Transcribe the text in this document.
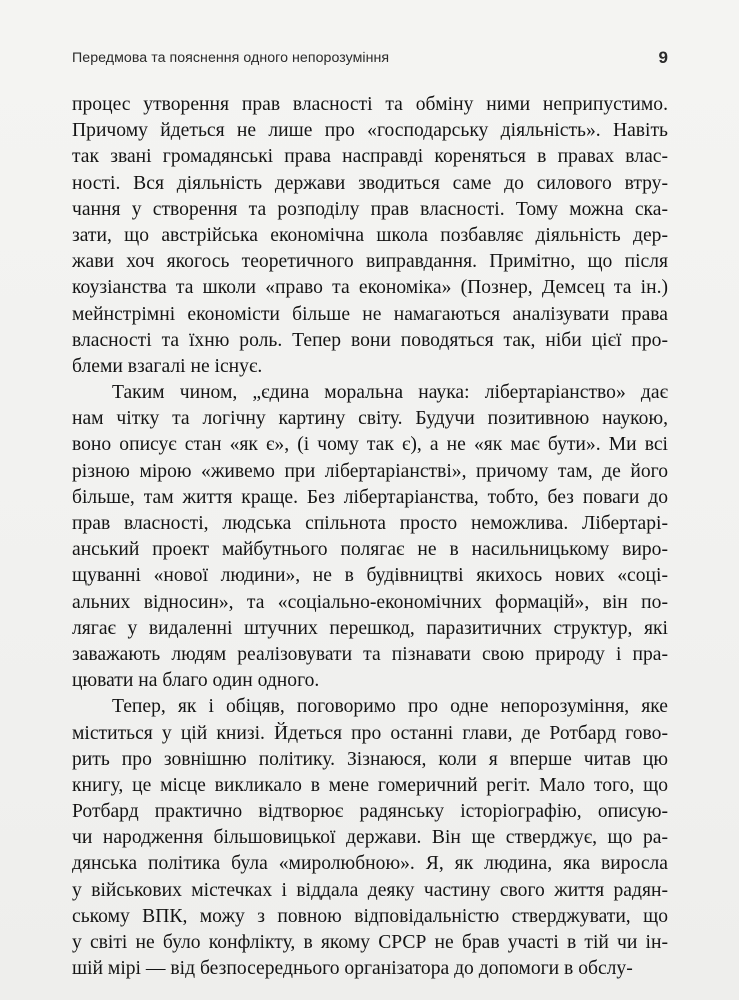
Передмова та пояснення одного непорозуміння	9
процес утворення прав власності та обміну ними неприпустимо.
Причому йдеться не лише про «господарську діяльність». Навіть
так звані громадянські права насправді коренятьcя в правах влас-
ності. Вся діяльність держави зводиться саме до силового втру-
чання у створення та розподілу прав власності. Тому можна ска-
зати, що австрійська економічна школа позбавляє діяльність дер-
жави хоч якогось теоретичного виправдання. Примітно, що після
коузіанства та школи «право та економіка» (Познер, Демсец та ін.)
мейнстрімні економісти більше не намагаються аналізувати права
власності та їхню роль. Тепер вони поводяться так, ніби цієї про-
блеми взагалі не існує.
Таким чином, „єдина моральна наука: лібертаріанство» дає
нам чітку та логічну картину світу. Будучи позитивною наукою,
воно описує стан «як є», (і чому так є), а не «як має бути». Ми всі
різною мірою «живемо при лібертаріанстві», причому там, де його
більше, там життя краще. Без лібертаріанства, тобто, без поваги до
прав власності, людська спільнота просто неможлива. Лібертарі-
анський проект майбутнього полягає не в насильницькому виро-
щуванні «нової людини», не в будівництві якихось нових «соці-
альних відносин», та «соціально-економічних формацій», він по-
лягає у видаленні штучних перешкод, паразитичних структур, які
заважають людям реалізовувати та пізнавати свою природу і пра-
цювати на благо один одного.
Тепер, як і обіцяв, поговоримо про одне непорозуміння, яке
міститься у цій книзі. Йдеться про останні глави, де Ротбард гово-
рить про зовнішню політику. Зізнаюся, коли я вперше читав цю
книгу, це місце викликало в мене гомеричний регіт. Мало того, що
Ротбард практично відтворює радянську історіографію, описую-
чи народження більшовицької держави. Він ще стверджує, що ра-
дянська політика була «миролюбною». Я, як людина, яка виросла
у військових містечках і віддала деяку частину свого життя радян-
ському ВПК, можу з повною відповідальністю стверджувати, що
у світі не було конфлікту, в якому СРСР не брав участі в тій чи ін-
шій мірі — від безпосереднього організатора до допомоги в обслу-
